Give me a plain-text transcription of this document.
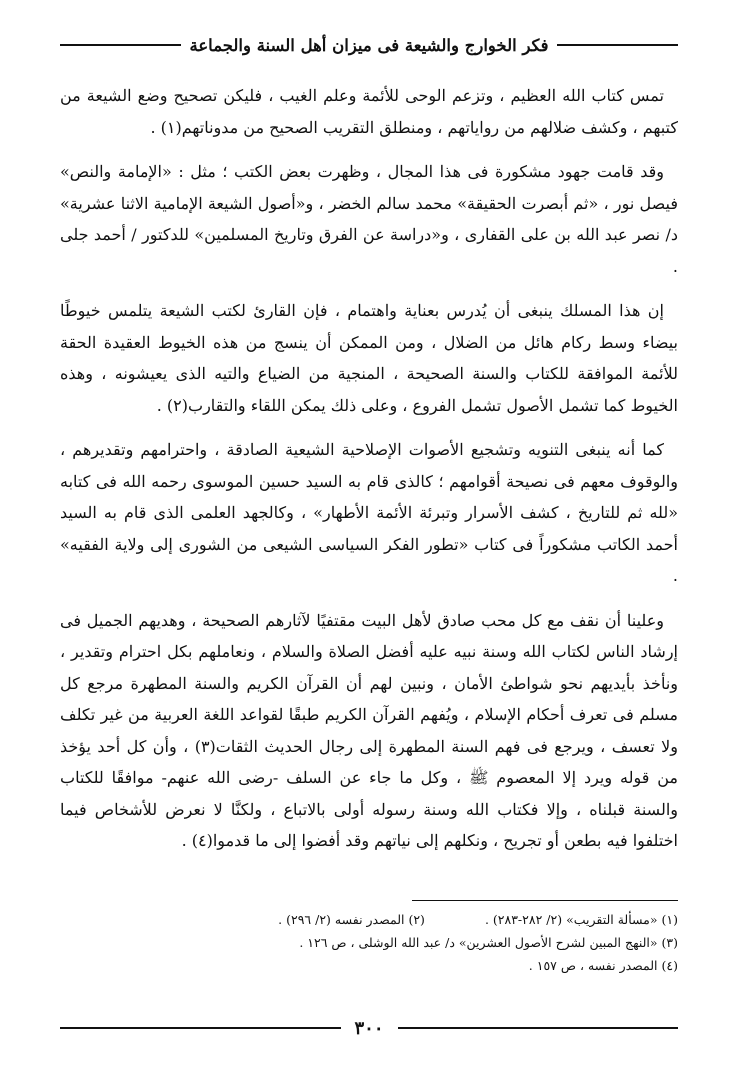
فكر الخوارج والشيعة فى ميزان أهل السنة والجماعة

تمس كتاب الله العظيم ، وتزعم الوحى للأئمة وعلم الغيب ، فليكن تصحيح وضع الشيعة من كتبهم ، وكشف ضلالهم من رواياتهم ، ومنطلق التقريب الصحيح من مدوناتهم(١) .

وقد قامت جهود مشكورة فى هذا المجال ، وظهرت بعض الكتب ؛ مثل : «الإمامة والنص» فيصل نور ، «ثم أبصرت الحقيقة» محمد سالم الخضر ، و«أصول الشيعة الإمامية الاثنا عشرية» د/ نصر عبد الله بن على القفارى ، و«دراسة عن الفرق وتاريخ المسلمين» للدكتور / أحمد جلى .

إن هذا المسلك ينبغى أن يُدرس بعناية واهتمام ، فإن القارئ لكتب الشيعة يتلمس خيوطًا بيضاء وسط ركام هائل من الضلال ، ومن الممكن أن ينسج من هذه الخيوط العقيدة الحقة للأئمة الموافقة للكتاب والسنة الصحيحة ، المنجية من الضياع والتيه الذى يعيشونه ، وهذه الخيوط كما تشمل الأصول تشمل الفروع ، وعلى ذلك يمكن اللقاء والتقارب(٢) .

كما أنه ينبغى التنويه وتشجيع الأصوات الإصلاحية الشيعية الصادقة ، واحترامهم وتقديرهم ، والوقوف معهم فى نصيحة أقوامهم ؛ كالذى قام به السيد حسين الموسوى رحمه الله فى كتابه «لله ثم للتاريخ ، كشف الأسرار وتبرئة الأئمة الأطهار» ، وكالجهد العلمى الذى قام به السيد أحمد الكاتب مشكوراً فى كتاب «تطور الفكر السياسى الشيعى من الشورى إلى ولاية الفقيه» .

وعلينا أن نقف مع كل محب صادق لأهل البيت مقتفيًا لآثارهم الصحيحة ، وهديهم الجميل فى إرشاد الناس لكتاب الله وسنة نبيه عليه أفضل الصلاة والسلام ، ونعاملهم بكل احترام وتقدير ، ونأخذ بأيديهم نحو شواطئ الأمان ، ونبين لهم أن القرآن الكريم والسنة المطهرة مرجع كل مسلم فى تعرف أحكام الإسلام ، ويُفهم القرآن الكريم طبقًا لقواعد اللغة العربية من غير تكلف ولا تعسف ، ويرجع فى فهم السنة المطهرة إلى رجال الحديث الثقات(٣) ، وأن كل أحد يؤخذ من قوله ويرد إلا المعصوم ﷺ ، وكل ما جاء عن السلف -رضى الله عنهم- موافقًا للكتاب والسنة قبلناه ، وإلا فكتاب الله وسنة رسوله أولى بالاتباع ، ولكنَّا لا نعرض للأشخاص فيما اختلفوا فيه بطعن أو تجريح ، ونكلهم إلى نياتهم وقد أفضوا إلى ما قدموا(٤) .

(١) «مسألة التقريب» (٢/ ٢٨٢-٢٨٣) .
(٢) المصدر نفسه (٢/ ٢٩٦) .
(٣) «النهج المبين لشرح الأصول العشرين» د/ عبد الله الوشلى ، ص ١٢٦ .
(٤) المصدر نفسه ، ص ١٥٧ .
٣٠٠
